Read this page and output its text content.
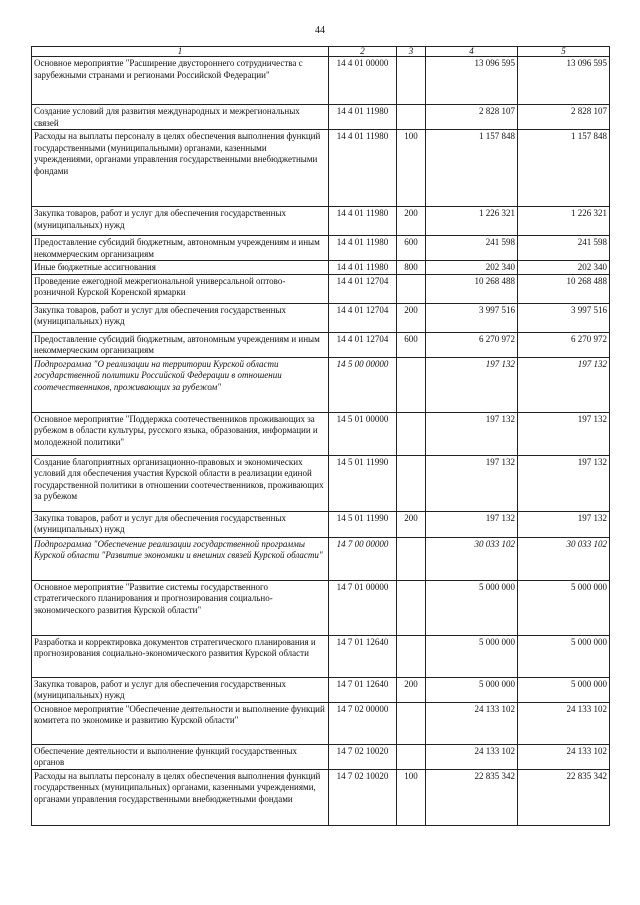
44
1	2	3	4	5
Основное мероприятие "Расширение двустороннего сотрудничества с зарубежными странами и регионами Российской Федерации"	14 4 01 00000		13 096 595	13 096 595
Создание условий для развития международных и межрегиональных связей	14 4 01 11980		2 828 107	2 828 107
Расходы на выплаты персоналу в целях обеспечения выполнения функций государственными (муниципальными) органами, казенными учреждениями, органами управления государственными внебюджетными фондами	14 4 01 11980	100	1 157 848	1 157 848
Закупка товаров, работ и услуг для обеспечения государственных (муниципальных) нужд	14 4 01 11980	200	1 226 321	1 226 321
Предоставление субсидий бюджетным, автономным учреждениям и иным некоммерческим организациям	14 4 01 11980	600	241 598	241 598
Иные бюджетные ассигнования	14 4 01 11980	800	202 340	202 340
Проведение ежегодной межрегиональной универсальной оптово-розничной Курской Коренской ярмарки	14 4 01 12704		10 268 488	10 268 488
Закупка товаров, работ и услуг для обеспечения государственных (муниципальных) нужд	14 4 01 12704	200	3 997 516	3 997 516
Предоставление субсидий бюджетным, автономным учреждениям и иным некоммерческим организациям	14 4 01 12704	600	6 270 972	6 270 972
Подпрограмма "О реализации на территории Курской области государственной политики Российской Федерации в отношении соотечественников, проживающих за рубежом"	14 5 00 00000		197 132	197 132
Основное мероприятие "Поддержка соотечественников проживающих за рубежом в области культуры, русского языка, образования, информации и молодежной политики"	14 5 01 00000		197 132	197 132
Создание благоприятных организационно-правовых и экономических условий для обеспечения участия Курской области в реализации единой государственной политики в отношении соотечественников, проживающих за рубежом	14 5 01 11990		197 132	197 132
Закупка товаров, работ и услуг для обеспечения государственных (муниципальных) нужд	14 5 01 11990	200	197 132	197 132
Подпрограмма "Обеспечение реализации государственной программы Курской области "Развитие экономики и внешних связей Курской области"	14 7 00 00000		30 033 102	30 033 102
Основное мероприятие "Развитие системы государственного стратегического планирования и прогнозирования социально-экономического развития Курской области"	14 7 01 00000		5 000 000	5 000 000
Разработка и корректировка документов стратегического планирования и прогнозирования социально-экономического развития Курской области	14 7 01 12640		5 000 000	5 000 000
Закупка товаров, работ и услуг для обеспечения государственных (муниципальных) нужд	14 7 01 12640	200	5 000 000	5 000 000
Основное мероприятие "Обеспечение деятельности и выполнение функций комитета по экономике и развитию Курской области"	14 7 02 00000		24 133 102	24 133 102
Обеспечение деятельности и выполнение функций государственных органов	14 7 02 10020		24 133 102	24 133 102
Расходы на выплаты персоналу в целях обеспечения выполнения функций государственных (муниципальных) органами, казенными учреждениями, органами управления государственными внебюджетными фондами	14 7 02 10020	100	22 835 342	22 835 342
